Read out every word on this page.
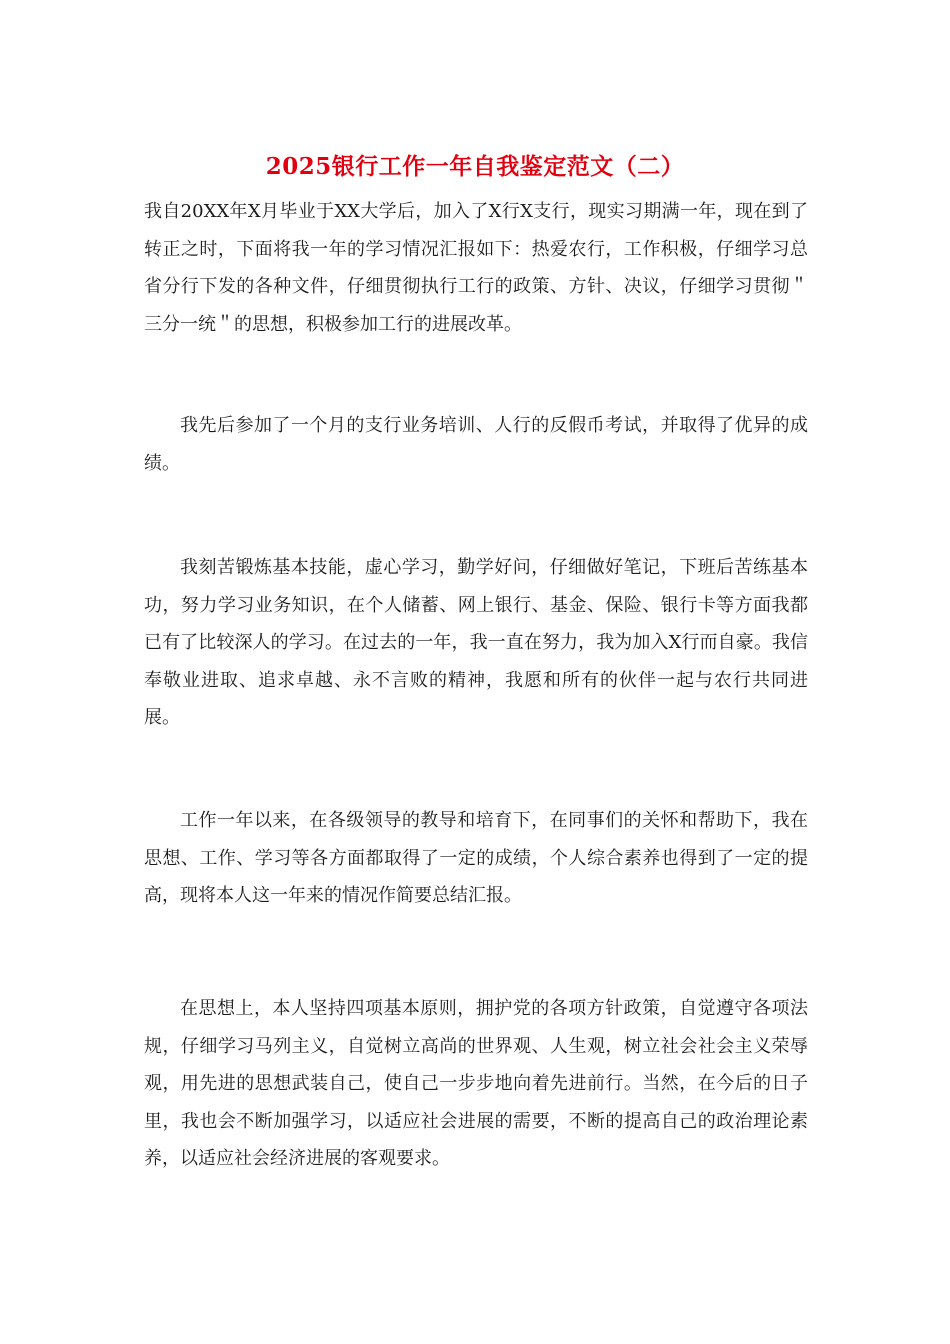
2025银行工作一年自我鉴定范文（二）

我自20XX年X月毕业于XX大学后，加入了X行X支行，现实习期满一年，现在到了转正之时，下面将我一年的学习情况汇报如下：热爱农行，工作积极，仔细学习总省分行下发的各种文件，仔细贯彻执行工行的政策、方针、决议，仔细学习贯彻＂三分一统＂的思想，积极参加工行的进展改革。

我先后参加了一个月的支行业务培训、人行的反假币考试，并取得了优异的成绩。

我刻苦锻炼基本技能，虚心学习，勤学好问，仔细做好笔记，下班后苦练基本功，努力学习业务知识，在个人储蓄、网上银行、基金、保险、银行卡等方面我都已有了比较深人的学习。在过去的一年，我一直在努力，我为加入X行而自豪。我信奉敬业进取、追求卓越、永不言败的精神，我愿和所有的伙伴一起与农行共同进展。

工作一年以来，在各级领导的教导和培育下，在同事们的关怀和帮助下，我在思想、工作、学习等各方面都取得了一定的成绩，个人综合素养也得到了一定的提高，现将本人这一年来的情况作简要总结汇报。

在思想上，本人坚持四项基本原则，拥护党的各项方针政策，自觉遵守各项法规，仔细学习马列主义，自觉树立高尚的世界观、人生观，树立社会社会主义荣辱观，用先进的思想武装自己，使自己一步步地向着先进前行。当然，在今后的日子里，我也会不断加强学习，以适应社会进展的需要，不断的提高自己的政治理论素养，以适应社会经济进展的客观要求。
